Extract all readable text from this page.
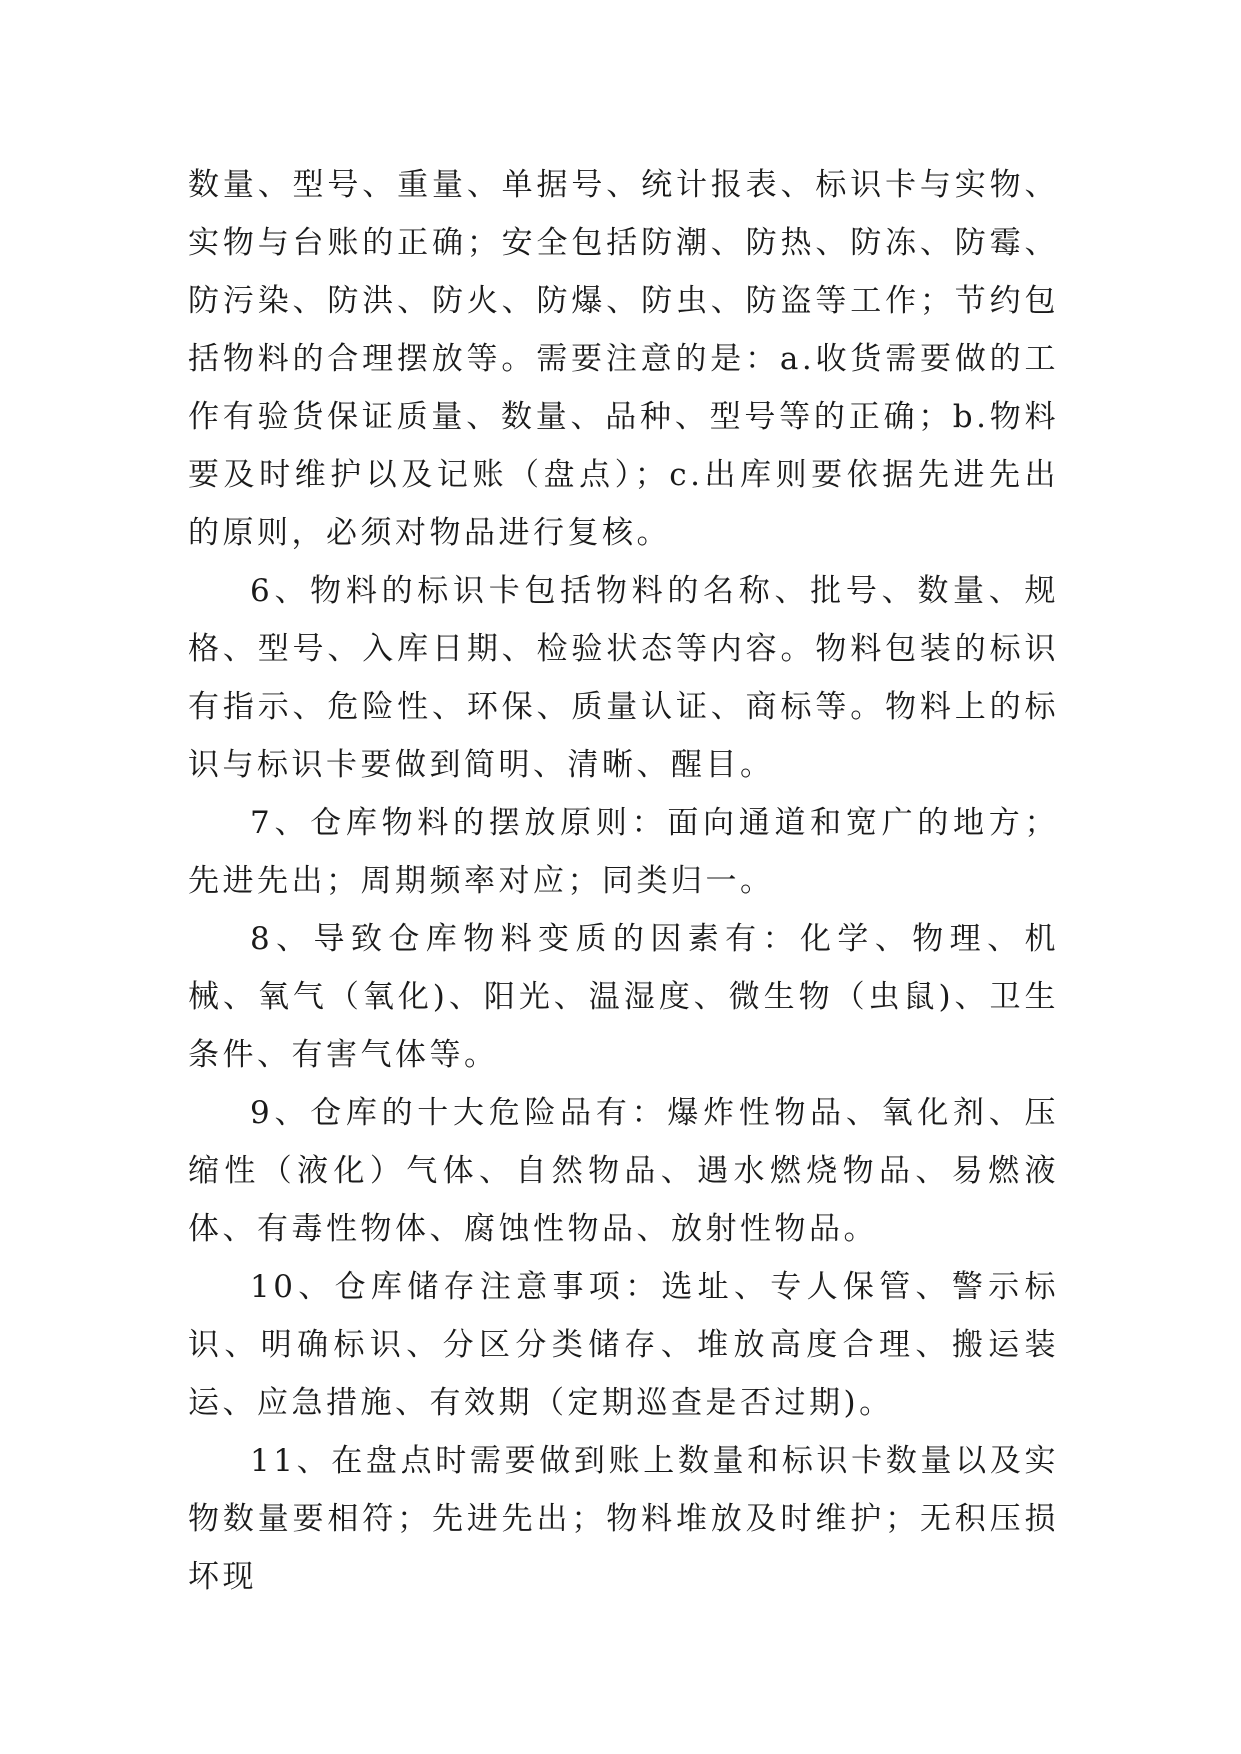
数量、型号、重量、单据号、统计报表、标识卡与实物、实物与台账的正确；安全包括防潮、防热、防冻、防霉、防污染、防洪、防火、防爆、防虫、防盗等工作；节约包括物料的合理摆放等。需要注意的是：a.收货需要做的工作有验货保证质量、数量、品种、型号等的正确；b.物料要及时维护以及记账（盘点）；c.出库则要依据先进先出的原则，必须对物品进行复核。

6、物料的标识卡包括物料的名称、批号、数量、规格、型号、入库日期、检验状态等内容。物料包装的标识有指示、危险性、环保、质量认证、商标等。物料上的标识与标识卡要做到简明、清晰、醒目。

7、仓库物料的摆放原则：面向通道和宽广的地方；先进先出；周期频率对应；同类归一。

8、导致仓库物料变质的因素有：化学、物理、机械、氧气（氧化)、阳光、温湿度、微生物（虫鼠)、卫生条件、有害气体等。

9、仓库的十大危险品有：爆炸性物品、氧化剂、压缩性（液化）气体、自然物品、遇水燃烧物品、易燃液体、有毒性物体、腐蚀性物品、放射性物品。

10、仓库储存注意事项：选址、专人保管、警示标识、明确标识、分区分类储存、堆放高度合理、搬运装运、应急措施、有效期（定期巡查是否过期)。

11、在盘点时需要做到账上数量和标识卡数量以及实物数量要相符；先进先出；物料堆放及时维护；无积压损坏现
